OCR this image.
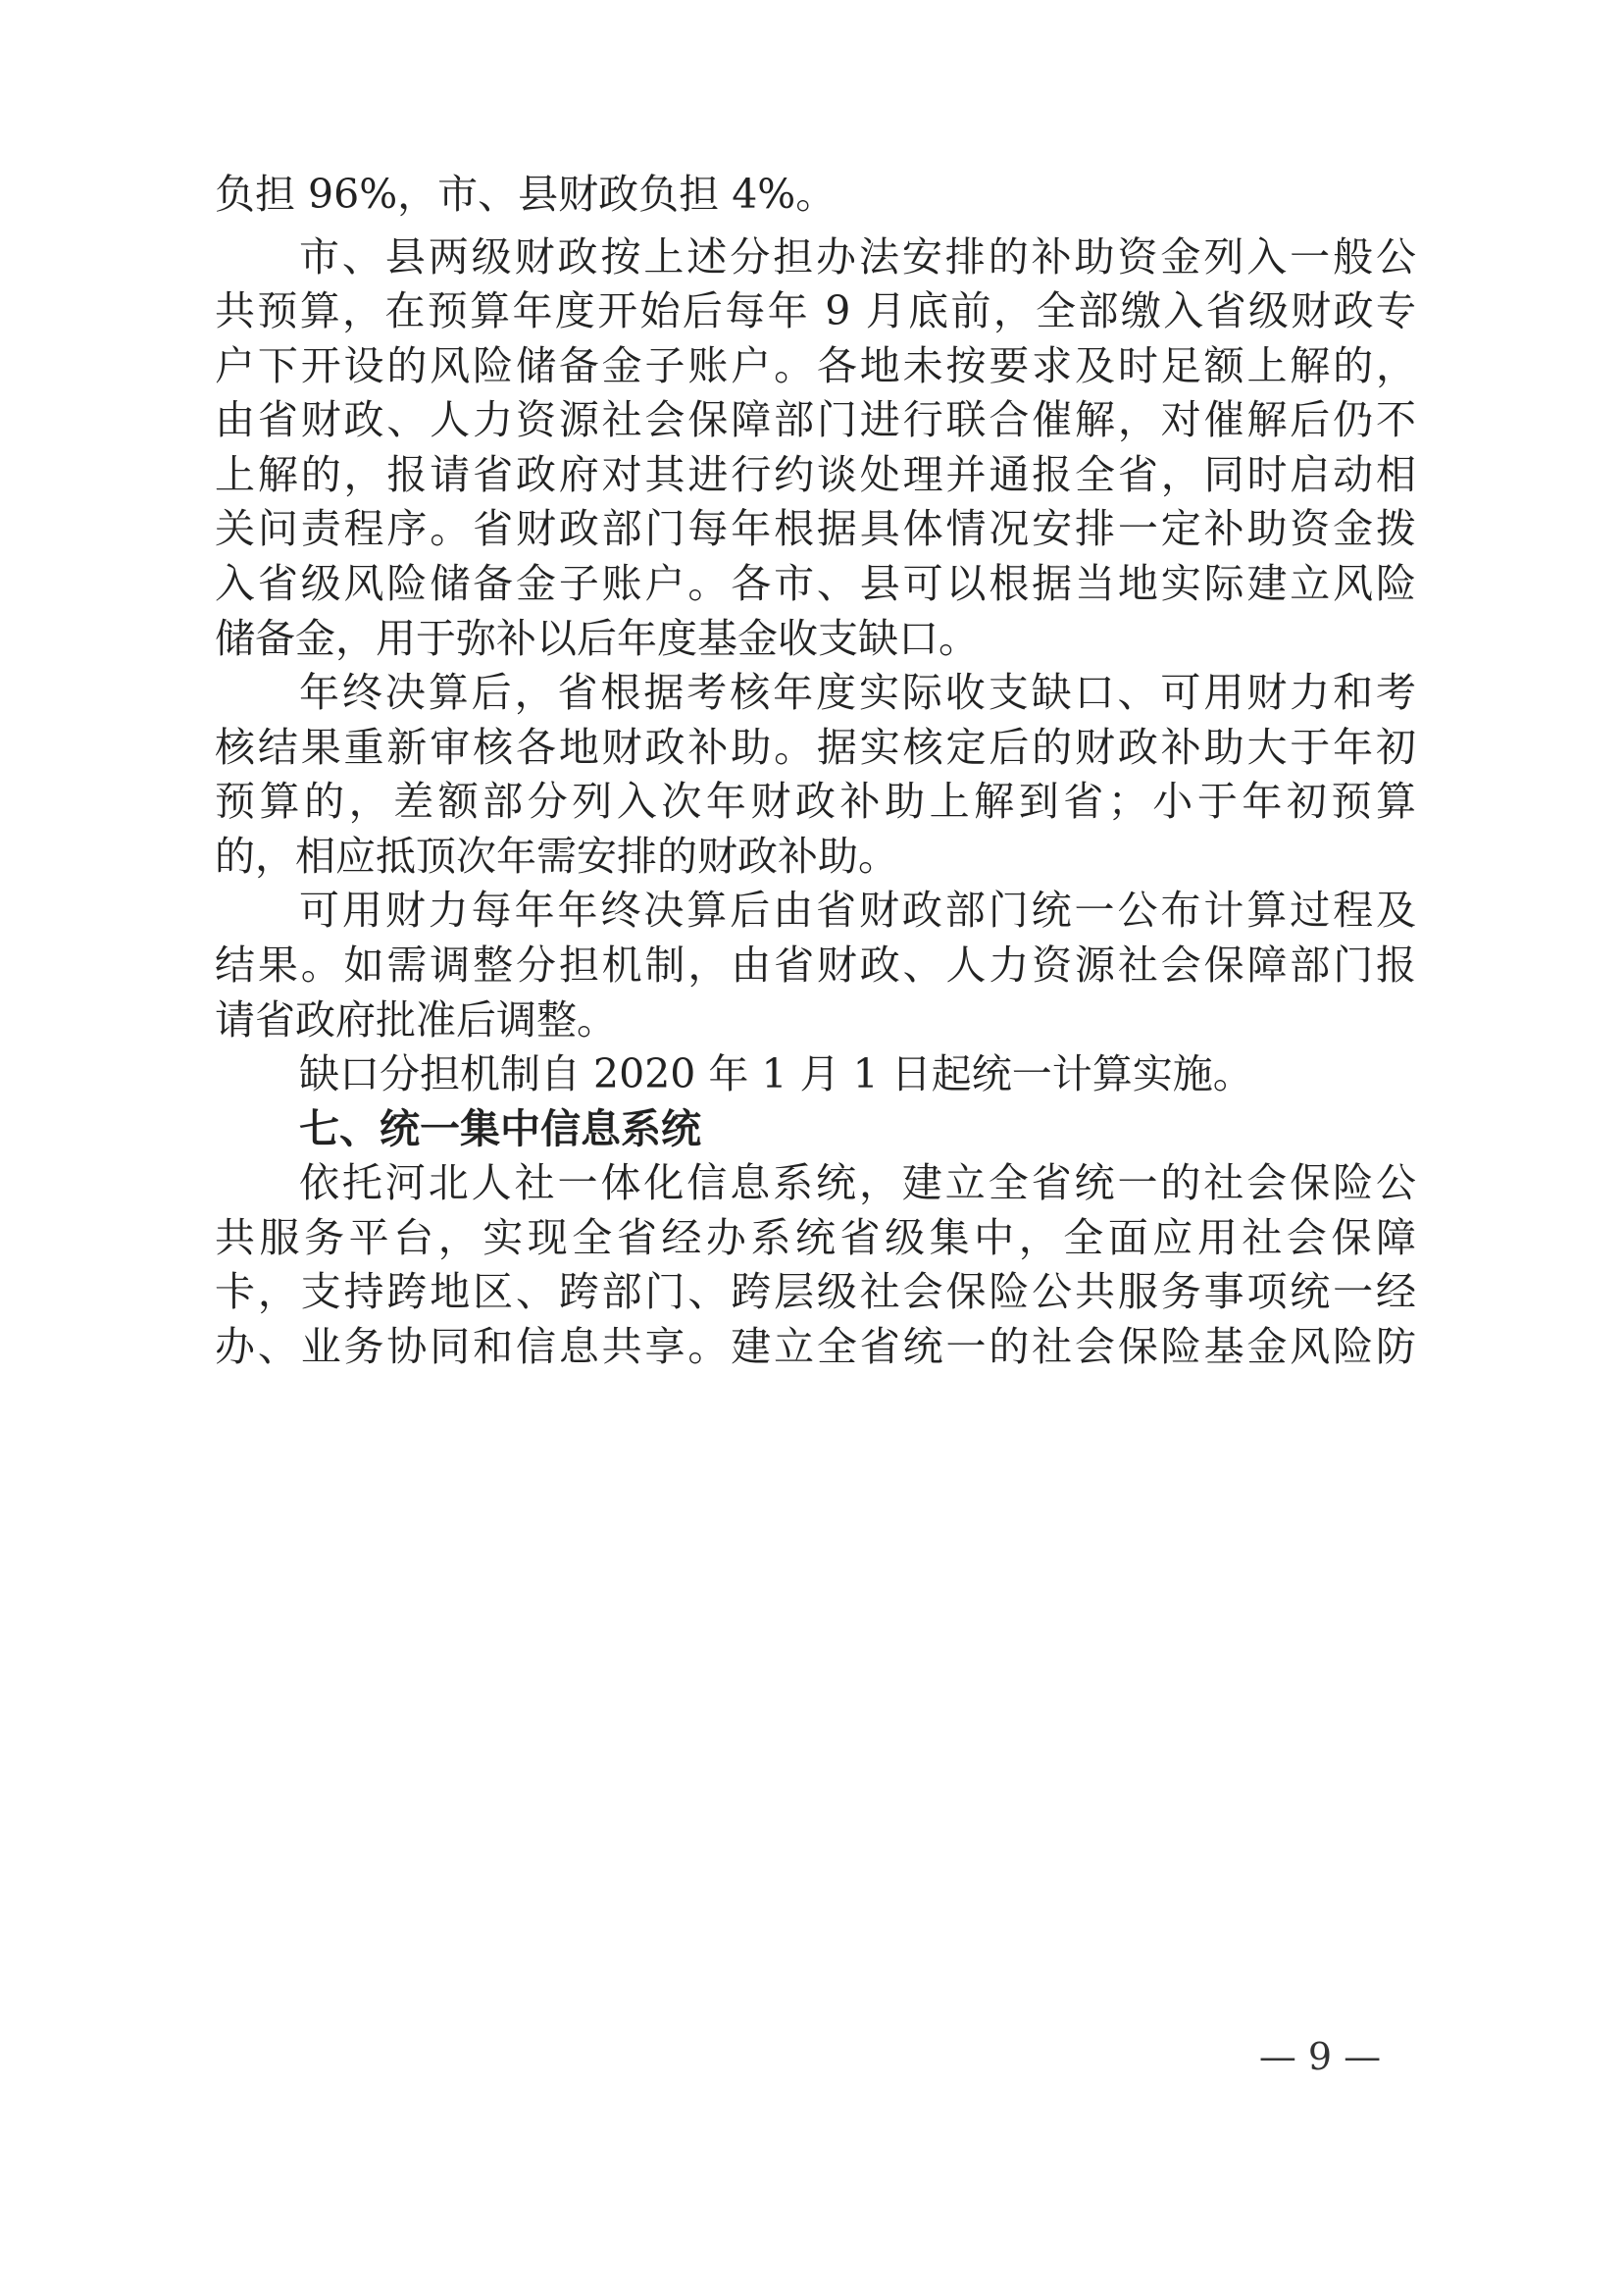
负担 96%，市、县财政负担 4%。
市、县两级财政按上述分担办法安排的补助资金列入一般公
共预算，在预算年度开始后每年 9 月底前，全部缴入省级财政专
户下开设的风险储备金子账户。各地未按要求及时足额上解的，
由省财政、人力资源社会保障部门进行联合催解，对催解后仍不
上解的，报请省政府对其进行约谈处理并通报全省，同时启动相
关问责程序。省财政部门每年根据具体情况安排一定补助资金拨
入省级风险储备金子账户。各市、县可以根据当地实际建立风险
储备金，用于弥补以后年度基金收支缺口。
年终决算后，省根据考核年度实际收支缺口、可用财力和考
核结果重新审核各地财政补助。据实核定后的财政补助大于年初
预算的，差额部分列入次年财政补助上解到省；小于年初预算
的，相应抵顶次年需安排的财政补助。
可用财力每年年终决算后由省财政部门统一公布计算过程及
结果。如需调整分担机制，由省财政、人力资源社会保障部门报
请省政府批准后调整。
缺口分担机制自 2020 年 1 月 1 日起统一计算实施。
七、统一集中信息系统
依托河北人社一体化信息系统，建立全省统一的社会保险公
共服务平台，实现全省经办系统省级集中，全面应用社会保障
卡，支持跨地区、跨部门、跨层级社会保险公共服务事项统一经
办、业务协同和信息共享。建立全省统一的社会保险基金风险防
— 9 —
